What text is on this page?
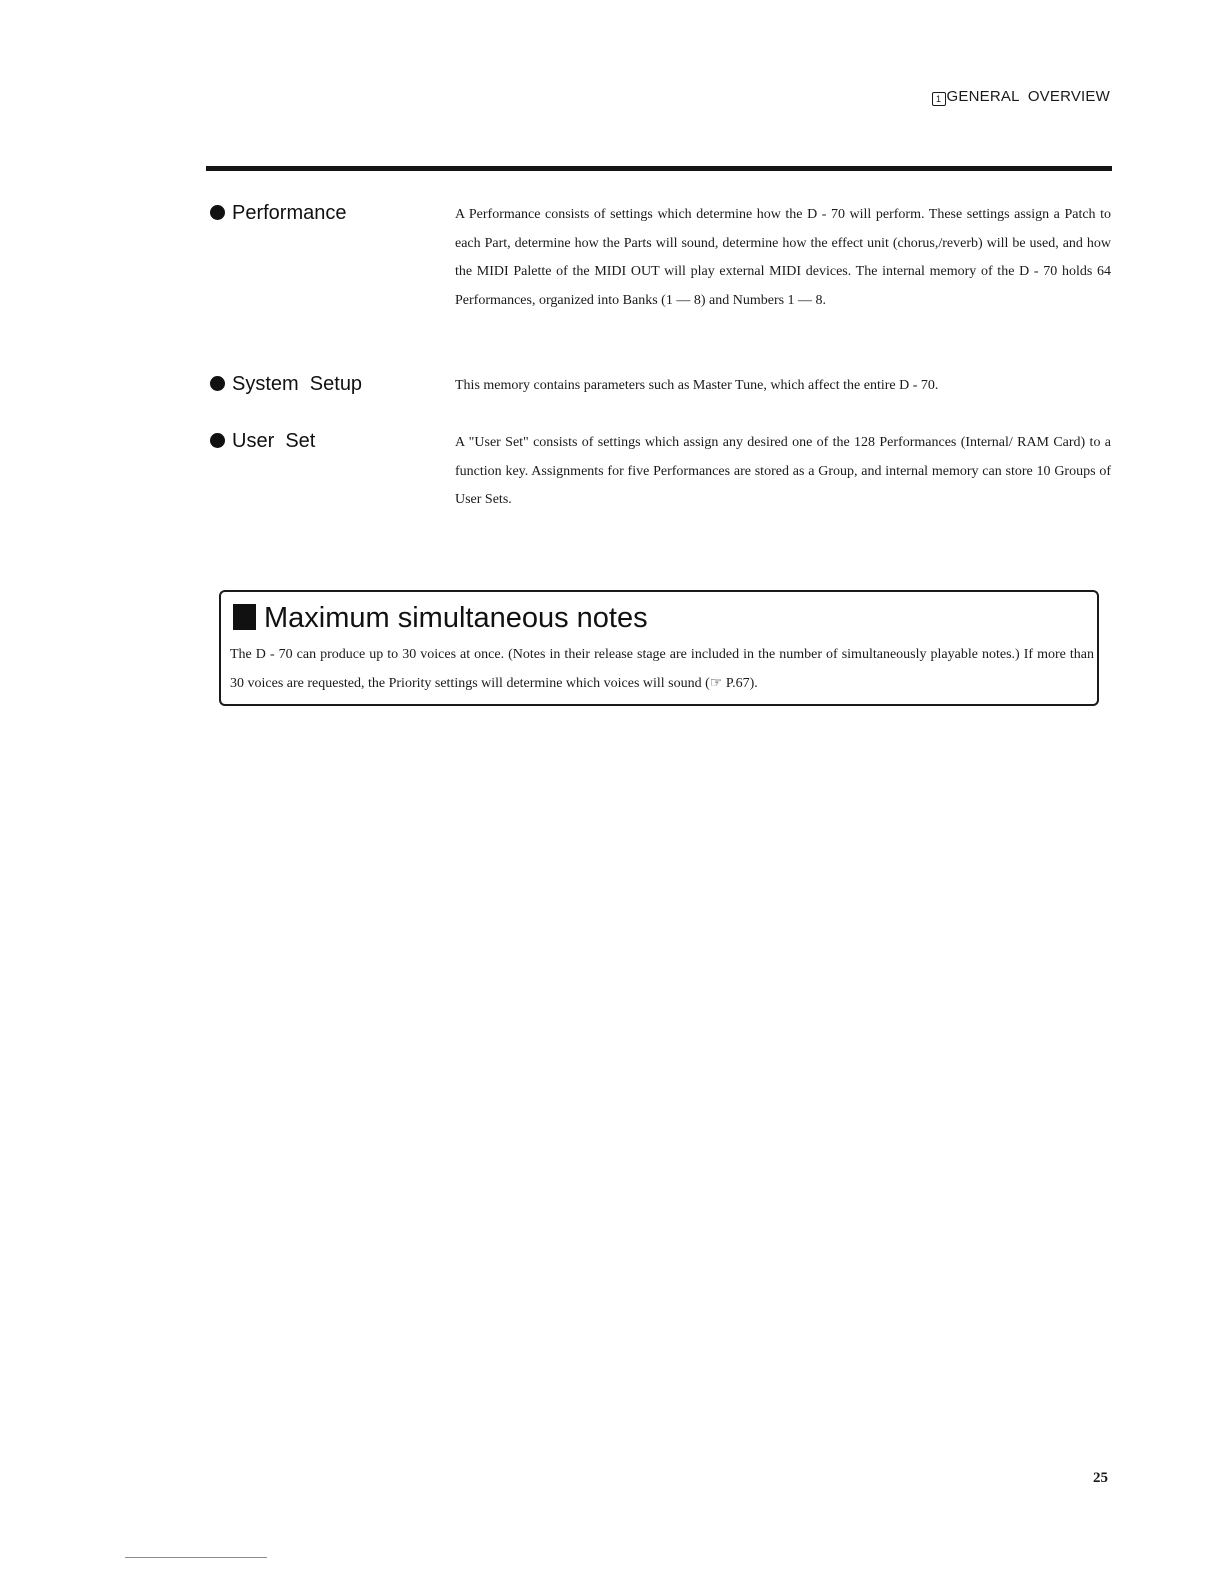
1 GENERAL  OVERVIEW
Performance	A Performance consists of settings which determine how the D - 70 will perform. These settings assign a Patch to each Part, determine how the Parts will sound, determine how the effect unit (chorus,/reverb) will be used, and how the MIDI Palette of the MIDI OUT will play external MIDI devices. The internal memory of the D - 70 holds 64 Performances, organized into Banks (1 — 8) and Numbers 1 — 8.
System  Setup	This memory contains parameters such as Master Tune, which affect the entire D - 70.
User  Set	A "User Set" consists of settings which assign any desired one of the 128 Performances (Internal/ RAM Card) to a function key. Assignments for five Performances are stored as a Group, and internal memory can store 10 Groups of User Sets.
Maximum simultaneous notes
The D - 70 can produce up to 30 voices at once. (Notes in their release stage are included in the number of simultaneously playable notes.) If more than 30 voices are requested, the Priority settings will determine which voices will sound (☞ P.67).
25
